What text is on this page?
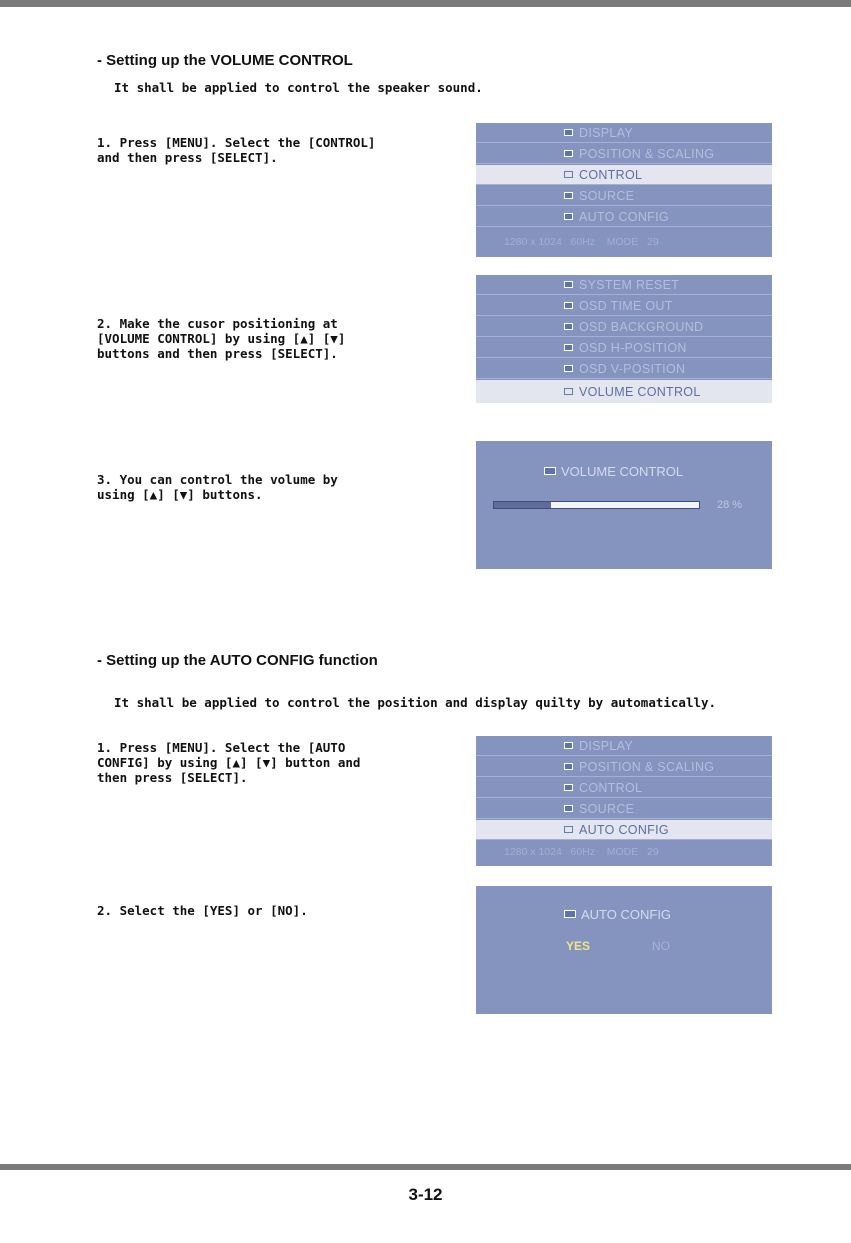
- Setting up the VOLUME CONTROL
It shall be applied to control the speaker sound.
1. Press [MENU]. Select the [CONTROL]
and then press [SELECT].
2. Make the cusor positioning at
[VOLUME CONTROL] by using [▲] [▼]
buttons and then press [SELECT].
3. You can control the volume by
using [▲] [▼] buttons.
DISPLAY
POSITION & SCALING
CONTROL
SOURCE
AUTO CONFIG
1280 x 1024   60Hz    MODE   29
SYSTEM RESET
OSD TIME OUT
OSD BACKGROUND
OSD H-POSITION
OSD V-POSITION
VOLUME CONTROL
VOLUME CONTROL
28 %
- Setting up the AUTO CONFIG function
It shall be applied to control the position and display quilty by automatically.
1. Press [MENU]. Select the [AUTO
CONFIG] by using [▲] [▼] button and
then press [SELECT].
2. Select the [YES] or [NO].
DISPLAY
POSITION & SCALING
CONTROL
SOURCE
AUTO CONFIG
1280 x 1024   60Hz    MODE   29
AUTO CONFIG
YES	NO
3-12
